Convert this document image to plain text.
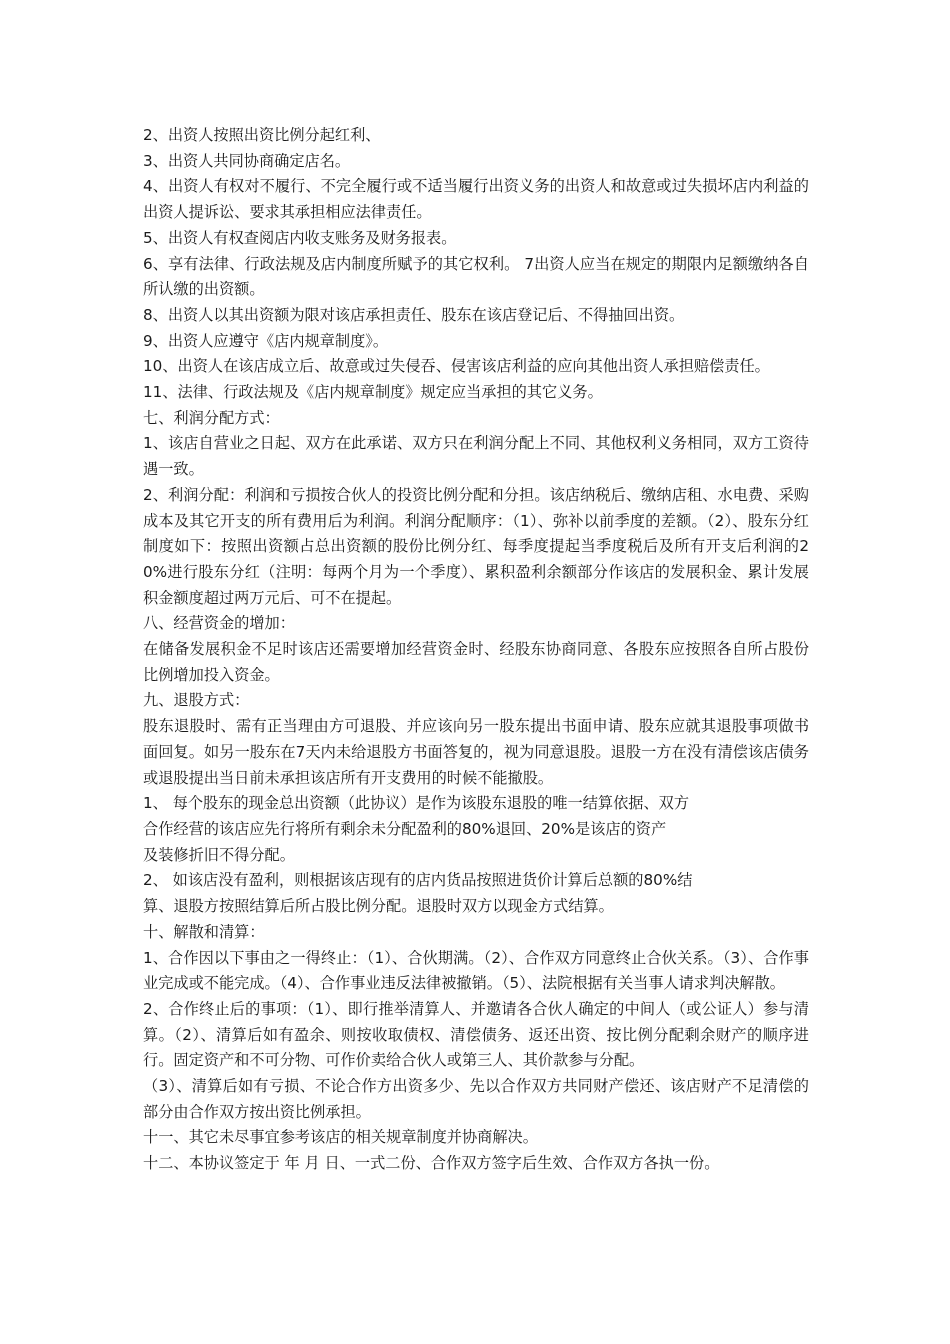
2、出资人按照出资比例分起红利、

3、出资人共同协商确定店名。

4、出资人有权对不履行、不完全履行或不适当履行出资义务的出资人和故意或过失损坏店内利益的出资人提诉讼、要求其承担相应法律责任。

5、出资人有权查阅店内收支账务及财务报表。

6、享有法律、行政法规及店内制度所赋予的其它权利。 7出资人应当在规定的期限内足额缴纳各自所认缴的出资额。

8、出资人以其出资额为限对该店承担责任、股东在该店登记后、不得抽回出资。

9、出资人应遵守《店内规章制度》。

10、出资人在该店成立后、故意或过失侵吞、侵害该店利益的应向其他出资人承担赔偿责任。

11、法律、行政法规及《店内规章制度》规定应当承担的其它义务。

七、利润分配方式：

1、该店自营业之日起、双方在此承诺、双方只在利润分配上不同、其他权利义务相同，双方工资待遇一致。

2、利润分配：利润和亏损按合伙人的投资比例分配和分担。该店纳税后、缴纳店租、水电费、采购成本及其它开支的所有费用后为利润。利润分配顺序：（1）、弥补以前季度的差额。（2）、股东分红制度如下：按照出资额占总出资额的股份比例分红、每季度提起当季度税后及所有开支后利润的20%进行股东分红（注明：每两个月为一个季度）、累积盈利余额部分作该店的发展积金、累计发展积金额度超过两万元后、可不在提起。

八、经营资金的增加：

在储备发展积金不足时该店还需要增加经营资金时、经股东协商同意、各股东应按照各自所占股份比例增加投入资金。

九、退股方式：

股东退股时、需有正当理由方可退股、并应该向另一股东提出书面申请、股东应就其退股事项做书面回复。如另一股东在7天内未给退股方书面答复的，视为同意退股。退股一方在没有清偿该店债务或退股提出当日前未承担该店所有开支费用的时候不能撤股。

1、 每个股东的现金总出资额（此协议）是作为该股东退股的唯一结算依据、双方

合作经营的该店应先行将所有剩余未分配盈利的80%退回、20%是该店的资产

及装修折旧不得分配。

2、 如该店没有盈利，则根据该店现有的店内货品按照进货价计算后总额的80%结

算、退股方按照结算后所占股比例分配。退股时双方以现金方式结算。

十、解散和清算：

1、合作因以下事由之一得终止：（1）、合伙期满。（2）、合作双方同意终止合伙关系。（3）、合作事业完成或不能完成。（4）、合作事业违反法律被撤销。（5）、法院根据有关当事人请求判决解散。

2、合作终止后的事项：（1）、即行推举清算人、并邀请各合伙人确定的中间人（或公证人）参与清算。（2）、清算后如有盈余、则按收取债权、清偿债务、返还出资、按比例分配剩余财产的顺序进行。固定资产和不可分物、可作价卖给合伙人或第三人、其价款参与分配。

（3）、清算后如有亏损、不论合作方出资多少、先以合作双方共同财产偿还、该店财产不足清偿的部分由合作双方按出资比例承担。

十一、其它未尽事宜参考该店的相关规章制度并协商解决。

十二、本协议签定于 年 月 日、一式二份、合作双方签字后生效、合作双方各执一份。
